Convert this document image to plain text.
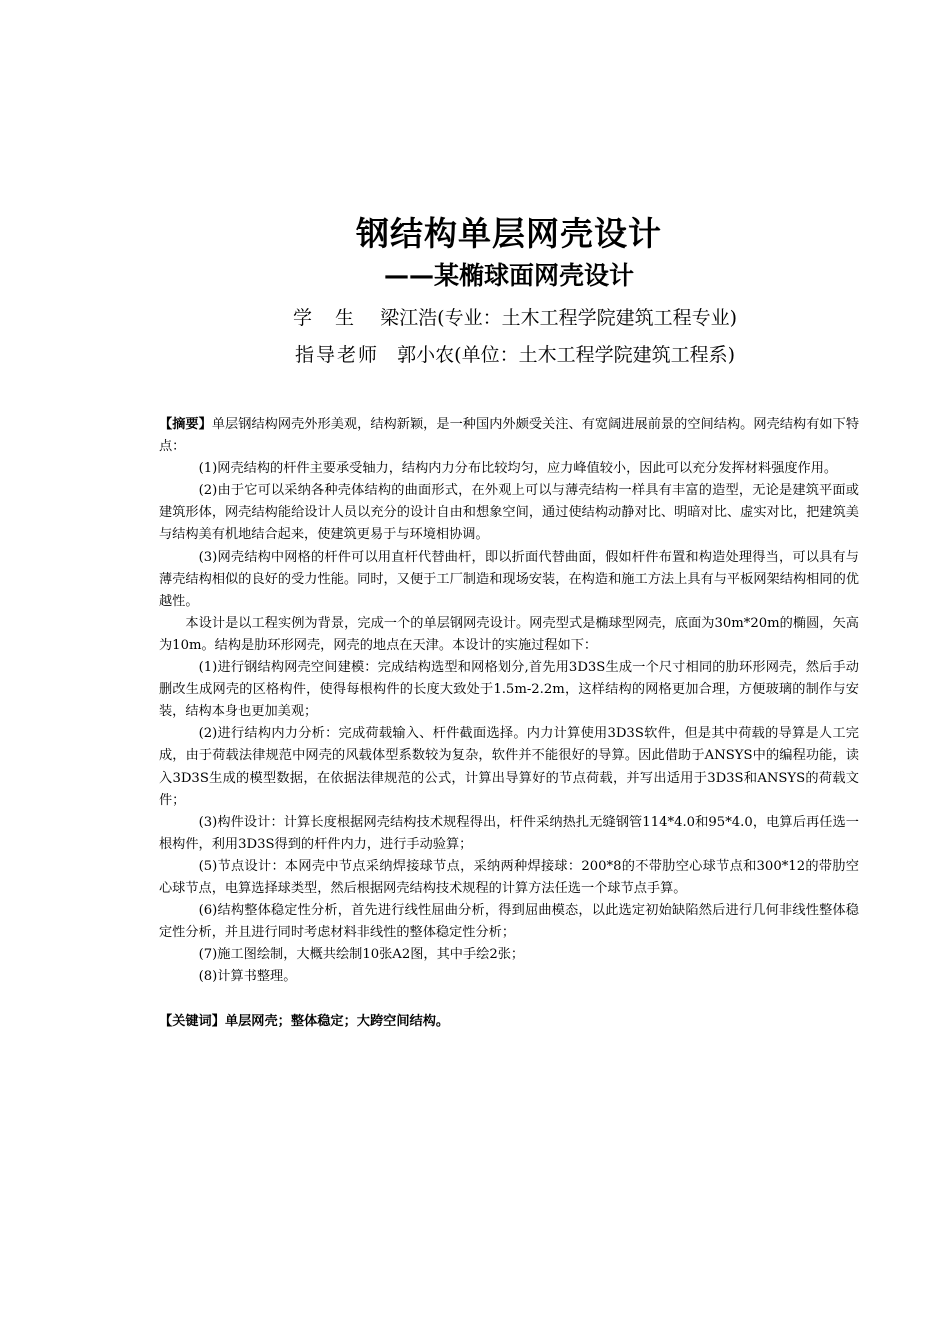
钢结构单层网壳设计
——某椭球面网壳设计
学　生 梁江浩(专业：土木工程学院建筑工程专业)
指导老师 郭小农(单位：土木工程学院建筑工程系)

【摘要】单层钢结构网壳外形美观，结构新颖，是一种国内外颇受关注、有宽阔进展前景的空间结构。网壳结构有如下特点：

(1)网壳结构的杆件主要承受轴力，结构内力分布比较均匀，应力峰值较小，因此可以充分发挥材料强度作用。

(2)由于它可以采纳各种壳体结构的曲面形式，在外观上可以与薄壳结构一样具有丰富的造型，无论是建筑平面或建筑形体，网壳结构能给设计人员以充分的设计自由和想象空间，通过使结构动静对比、明暗对比、虚实对比，把建筑美与结构美有机地结合起来，使建筑更易于与环境相协调。

(3)网壳结构中网格的杆件可以用直杆代替曲杆，即以折面代替曲面，假如杆件布置和构造处理得当，可以具有与薄壳结构相似的良好的受力性能。同时，又便于工厂制造和现场安装，在构造和施工方法上具有与平板网架结构相同的优越性。

本设计是以工程实例为背景，完成一个的单层钢网壳设计。网壳型式是椭球型网壳，底面为30m*20m的椭圆，矢高为10m。结构是肋环形网壳，网壳的地点在天津。本设计的实施过程如下：

(1)进行钢结构网壳空间建模：完成结构选型和网格划分,首先用3D3S生成一个尺寸相同的肋环形网壳，然后手动删改生成网壳的区格构件，使得每根构件的长度大致处于1.5m-2.2m，这样结构的网格更加合理，方便玻璃的制作与安装，结构本身也更加美观；

(2)进行结构内力分析：完成荷载输入、杆件截面选择。内力计算使用3D3S软件，但是其中荷载的导算是人工完成，由于荷载法律规范中网壳的风载体型系数较为复杂，软件并不能很好的导算。因此借助于ANSYS中的编程功能，读入3D3S生成的模型数据，在依据法律规范的公式，计算出导算好的节点荷载，并写出适用于3D3S和ANSYS的荷载文件；

(3)构件设计：计算长度根据网壳结构技术规程得出，杆件采纳热扎无缝钢管114*4.0和95*4.0，电算后再任选一根构件，利用3D3S得到的杆件内力，进行手动验算；

(5)节点设计：本网壳中节点采纳焊接球节点，采纳两种焊接球：200*8的不带肋空心球节点和300*12的带肋空心球节点，电算选择球类型，然后根据网壳结构技术规程的计算方法任选一个球节点手算。

(6)结构整体稳定性分析，首先进行线性屈曲分析，得到屈曲模态，以此选定初始缺陷然后进行几何非线性整体稳定性分析，并且进行同时考虑材料非线性的整体稳定性分析；

(7)施工图绘制，大概共绘制10张A2图，其中手绘2张；

(8)计算书整理。

【关键词】单层网壳；整体稳定；大跨空间结构。
